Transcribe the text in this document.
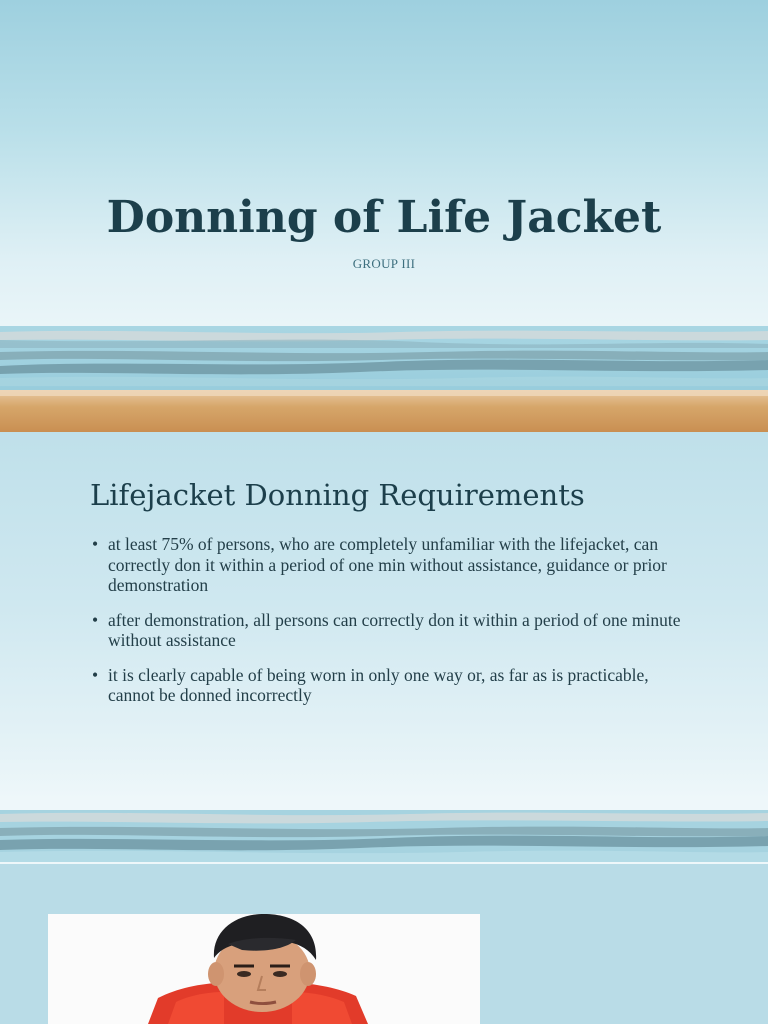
Donning of Life Jacket

GROUP III

Lifejacket Donning Requirements
• at least 75% of persons, who are completely unfamiliar with the lifejacket, can correctly don it within a period of one min without assistance, guidance or prior demonstration
• after demonstration, all persons can correctly don it within a period of one minute without assistance
• it is clearly capable of being worn in only one way or, as far as is practicable, cannot be donned incorrectly
